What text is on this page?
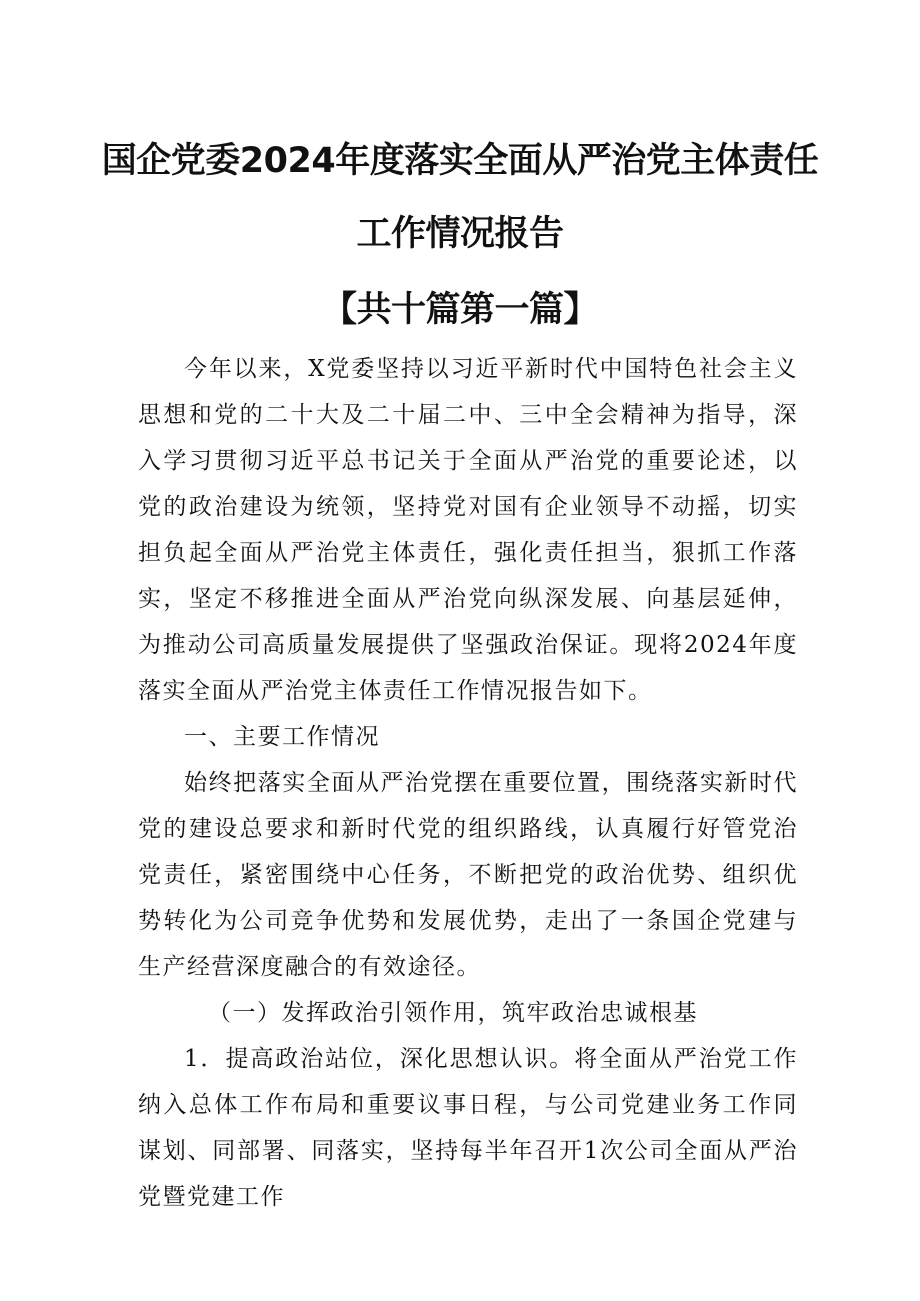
国企党委2024年度落实全面从严治党主体责任
工作情况报告
【共十篇第一篇】
今年以来，X党委坚持以习近平新时代中国特色社会主义思想和党的二十大及二十届二中、三中全会精神为指导，深入学习贯彻习近平总书记关于全面从严治党的重要论述，以党的政治建设为统领，坚持党对国有企业领导不动摇，切实担负起全面从严治党主体责任，强化责任担当，狠抓工作落实，坚定不移推进全面从严治党向纵深发展、向基层延伸，为推动公司高质量发展提供了坚强政治保证。现将2024年度落实全面从严治党主体责任工作情况报告如下。
一、主要工作情况
始终把落实全面从严治党摆在重要位置，围绕落实新时代党的建设总要求和新时代党的组织路线，认真履行好管党治党责任，紧密围绕中心任务，不断把党的政治优势、组织优势转化为公司竞争优势和发展优势，走出了一条国企党建与生产经营深度融合的有效途径。
（一）发挥政治引领作用，筑牢政治忠诚根基
1．提高政治站位，深化思想认识。将全面从严治党工作纳入总体工作布局和重要议事日程，与公司党建业务工作同谋划、同部署、同落实，坚持每半年召开1次公司全面从严治党暨党建工作
